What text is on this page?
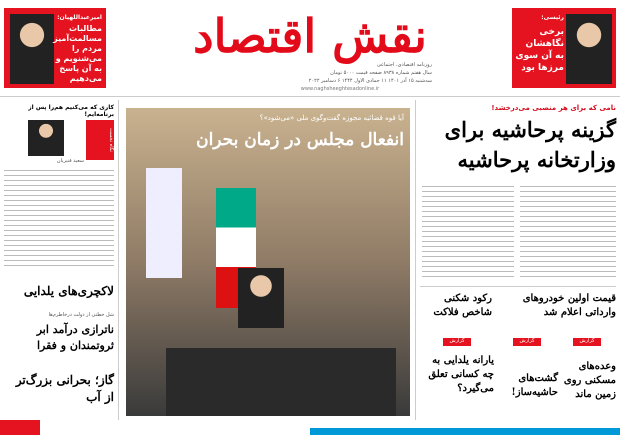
نقش اقتصاد
روزنامه اقتصادی، اجتماعی
سال هفتم شماره ۸۹۳۸ صفحه قیمت ۵۰۰۰ تومان
سه‌شنبه ۱۵ آذر ۱۴۰۱ ۱۱ جمادی الاول ۱۴۴۴ ۶ دسامبر ۲۰۲۲
www.naghsheeghtesadonline.ir
امیرعبداللهیان:
مطالبات مسالمت‌آمیز مردم را می‌شنویم و به آن پاسخ می‌دهیم
رئیسی:
برخی نگاهشان به آن سوی مرزها بود
آیا قوه قضائیه مجوزه گفت‌وگوی ملی «می‌شود»؟
انفعال مجلس در زمان بحران
نامی که برای هر منصبی می‌درخشد!
گزینه پرحاشیه برای
وزارتخانه پرحاشیه
رکود شکنی شاخص فلاکت
قیمت اولین خودروهای وارداتی اعلام شد
گزارش	گزارش	گزارش
یارانه یلدایی به چه کسانی تعلق می‌گیرد؟
گشت‌های حاشیه‌ساز!
وعده‌های مسکنی روی زمین ماند
کاری که می‌کنیم هم‌را پس از برنامه‌ایم!
نگاه نخست
سعید قنبریان
لاکچری‌های یلدایی
شل خطتی از دولت درخاطرم‌ها
ناترازی درآمد ابر ثروتمندان و فقرا
گاز؛ بحرانی بزرگ‌تر از آب
